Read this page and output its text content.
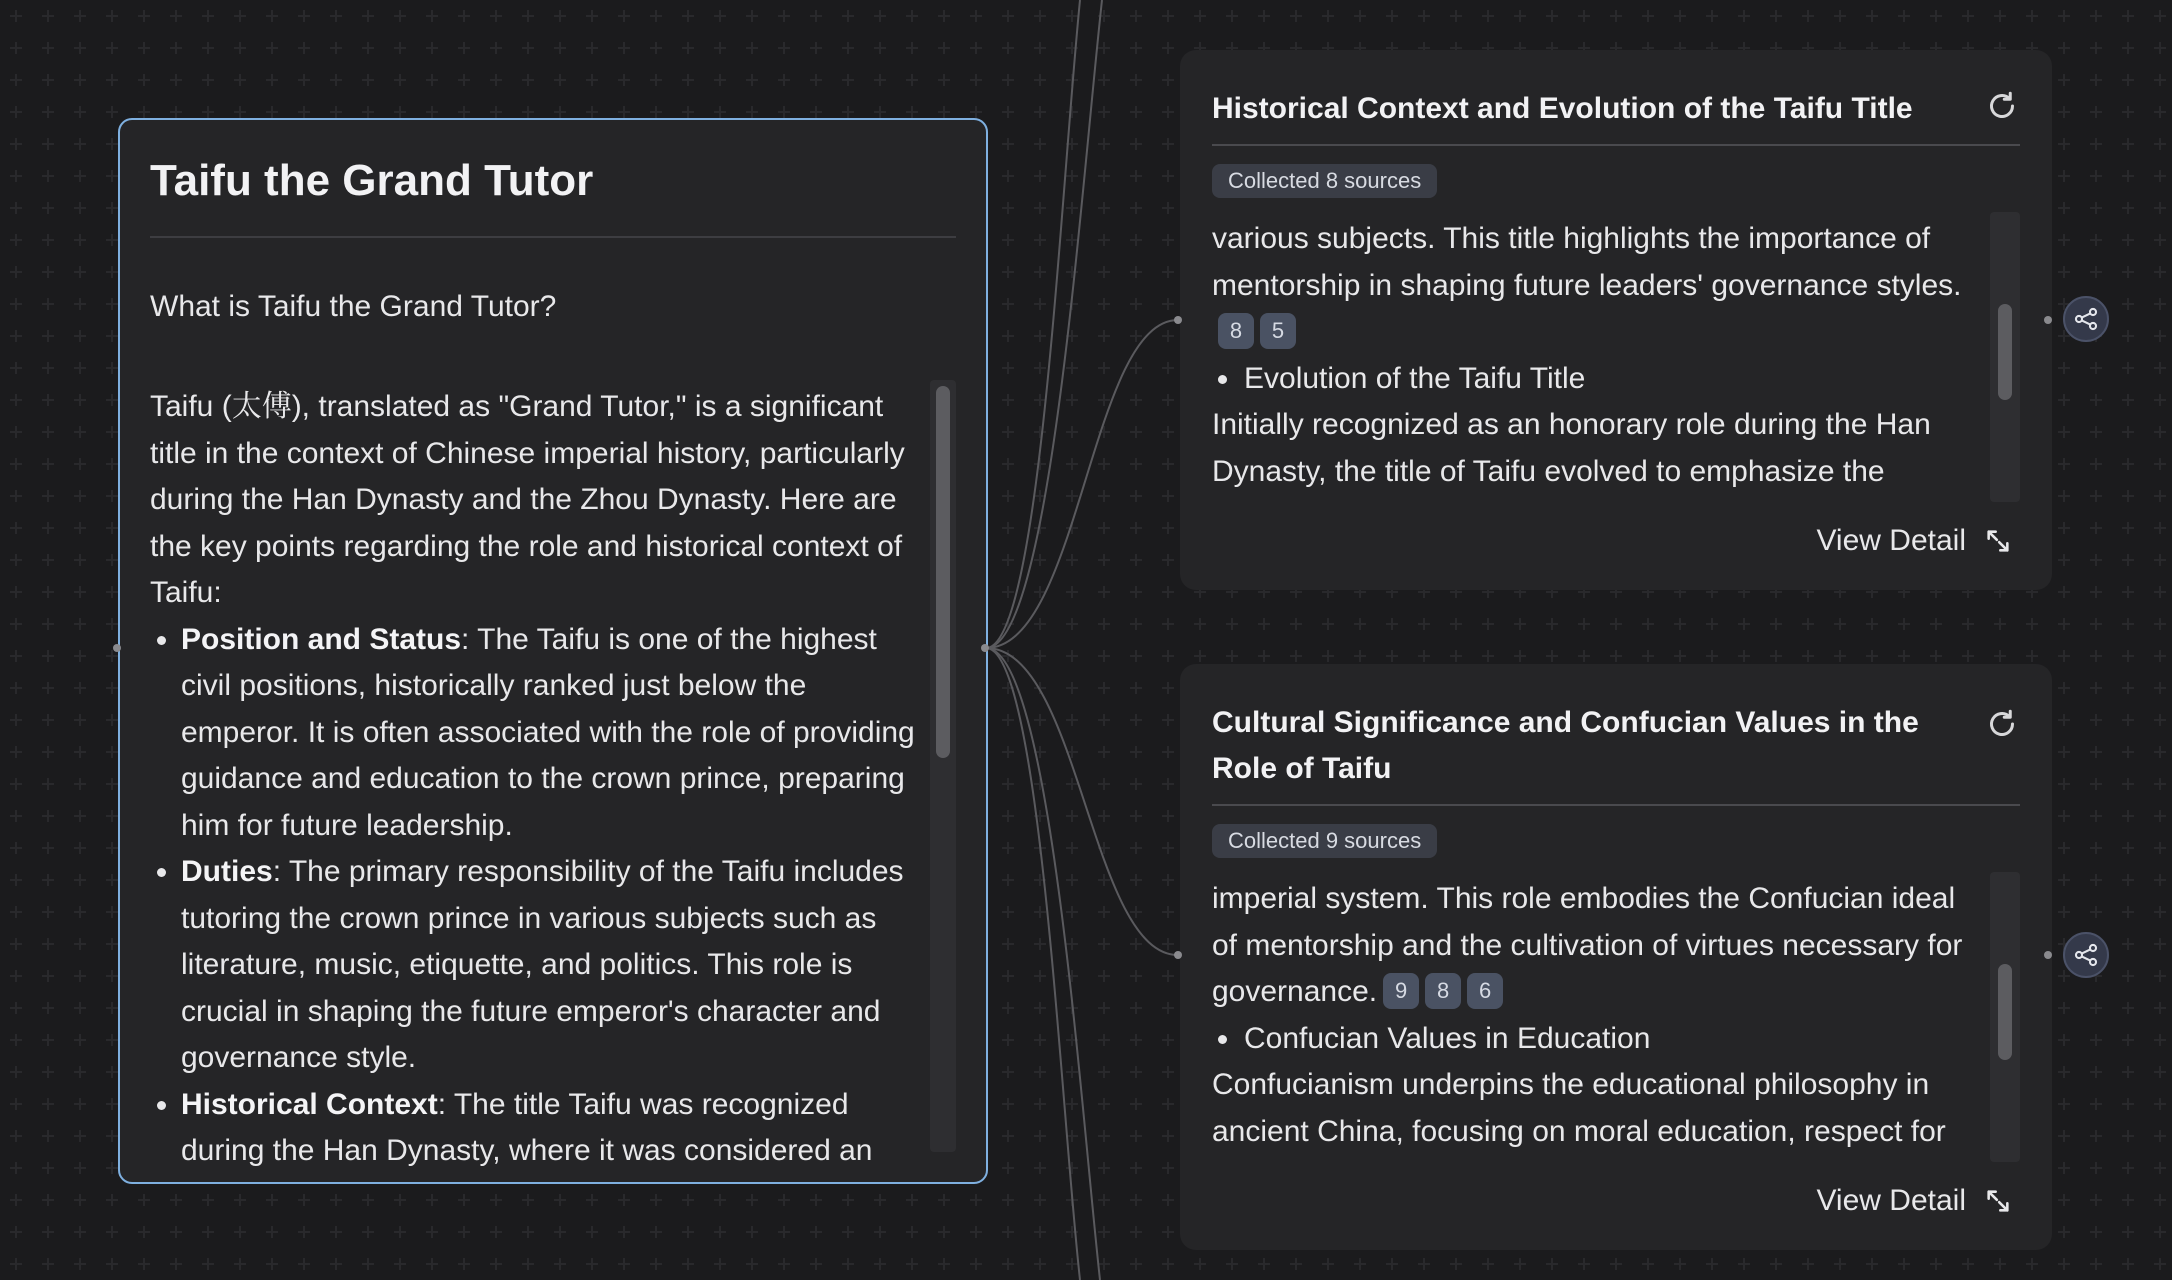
Taifu the Grand Tutor
What is Taifu the Grand Tutor?

Taifu (太傅), translated as "Grand Tutor," is a significant title in the context of Chinese imperial history, particularly during the Han Dynasty and the Zhou Dynasty. Here are the key points regarding the role and historical context of Taifu:

• Position and Status: The Taifu is one of the highest civil positions, historically ranked just below the emperor. It is often associated with the role of providing guidance and education to the crown prince, preparing him for future leadership.
• Duties: The primary responsibility of the Taifu includes tutoring the crown prince in various subjects such as literature, music, etiquette, and politics. This role is crucial in shaping the future emperor's character and governance style.
• Historical Context: The title Taifu was recognized during the Han Dynasty, where it was considered an
Historical Context and Evolution of the Taifu Title
Collected 8 sources

various subjects. This title highlights the importance of mentorship in shaping future leaders' governance styles.8 5

Evolution of the Taifu Title

Initially recognized as an honorary role during the Han Dynasty, the title of Taifu evolved to emphasize the

View Detail
Cultural Significance and Confucian Values in the Role of Taifu
Collected 9 sources

imperial system. This role embodies the Confucian ideal of mentorship and the cultivation of virtues necessary for governance. 9 8 6

Confucian Values in Education

Confucianism underpins the educational philosophy in ancient China, focusing on moral education, respect for

View Detail
